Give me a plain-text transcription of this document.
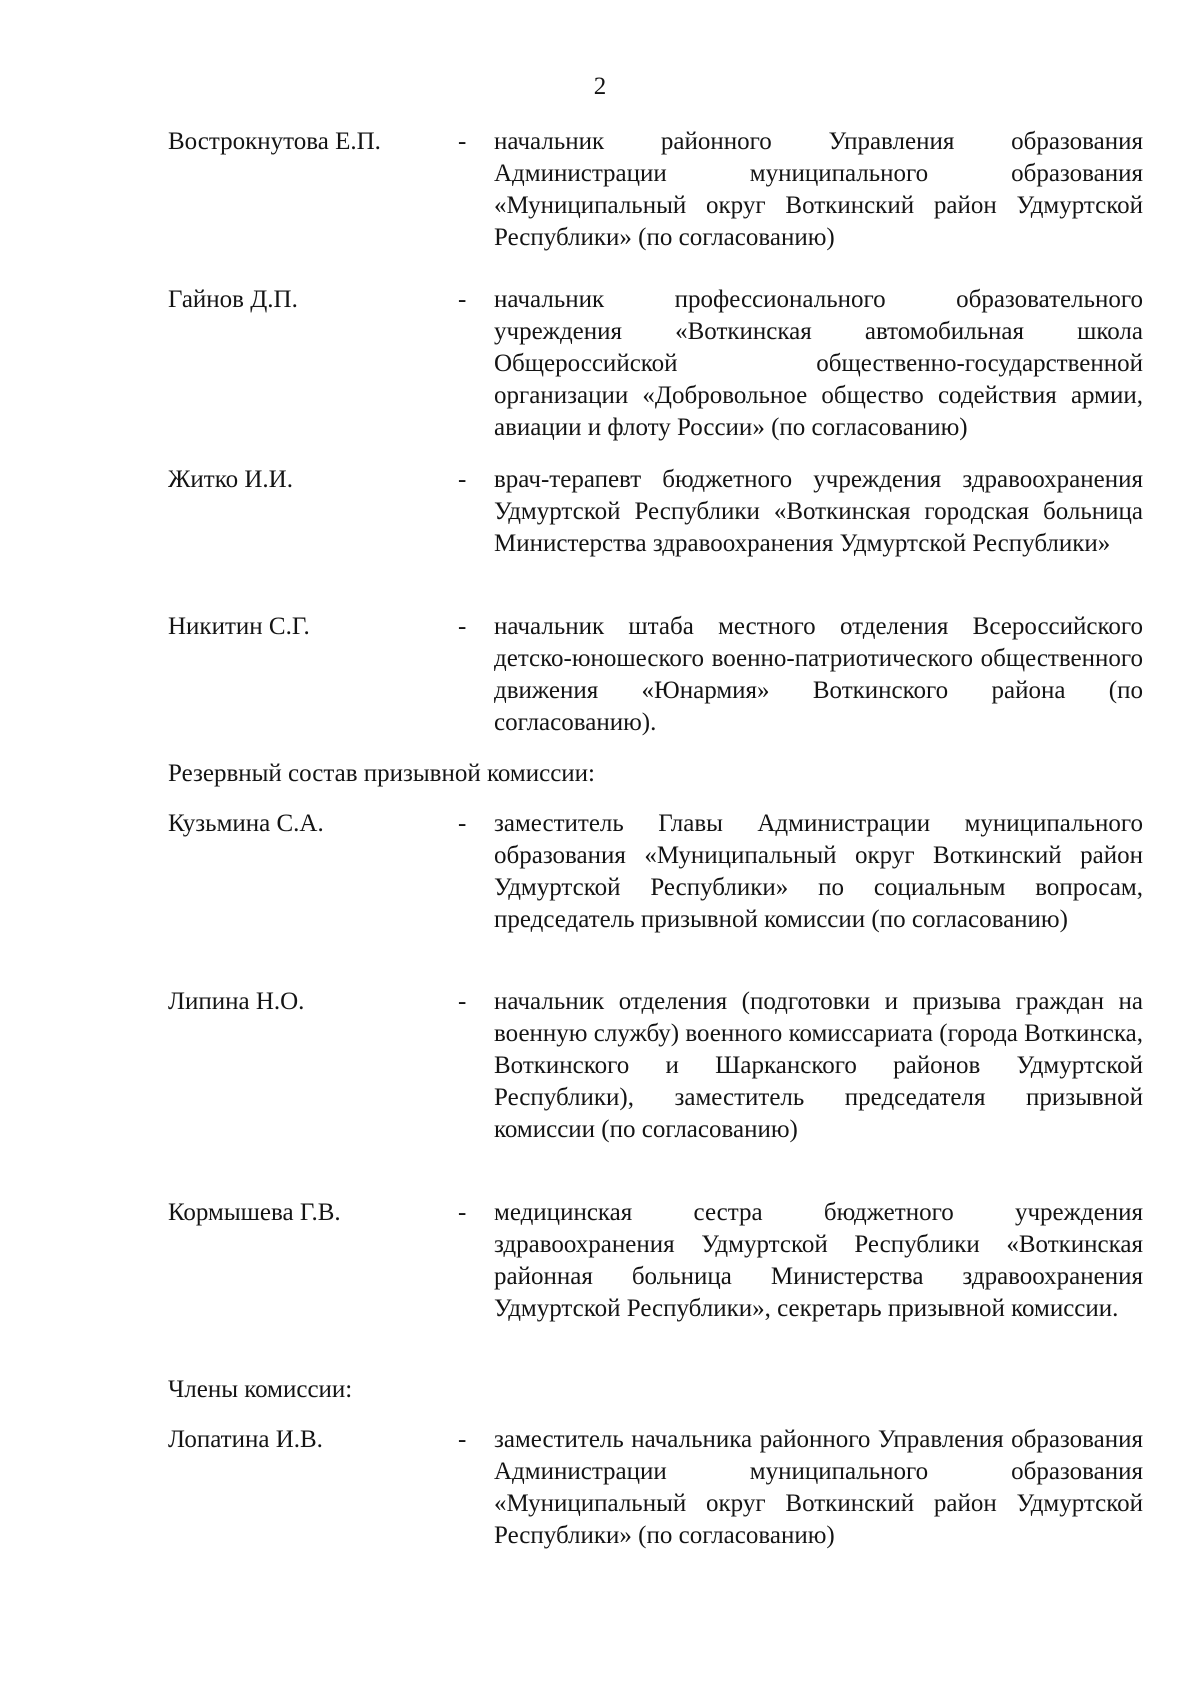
2
Вострокнутова Е.П.	- начальник районного Управления образования Администрации муниципального образования «Муниципальный округ Воткинский район Удмуртской Республики» (по согласованию)
Гайнов Д.П.	- начальник профессионального образовательного учреждения «Воткинская автомобильная школа Общероссийской общественно-государственной организации «Добровольное общество содействия армии, авиации и флоту России» (по согласованию)
Житко И.И.	- врач-терапевт бюджетного учреждения здравоохранения Удмуртской Республики «Воткинская городская больница Министерства здравоохранения Удмуртской Республики»
Никитин С.Г.	- начальник штаба местного отделения Всероссийского детско-юношеского военно-патриотического общественного движения «Юнармия» Воткинского района (по согласованию).
Резервный состав призывной комиссии:
Кузьмина С.А.	- заместитель Главы Администрации муниципального образования «Муниципальный округ Воткинский район Удмуртской Республики» по социальным вопросам, председатель призывной комиссии (по согласованию)
Липина Н.О.	- начальник отделения (подготовки и призыва граждан на военную службу) военного комиссариата (города Воткинска, Воткинского и Шарканского районов Удмуртской Республики), заместитель председателя призывной комиссии (по согласованию)
Кормышева Г.В.	- медицинская сестра бюджетного учреждения здравоохранения Удмуртской Республики «Воткинская районная больница Министерства здравоохранения Удмуртской Республики», секретарь призывной комиссии.
Члены комиссии:
Лопатина И.В.	- заместитель начальника районного Управления образования Администрации муниципального образования «Муниципальный округ Воткинский район Удмуртской Республики» (по согласованию)
